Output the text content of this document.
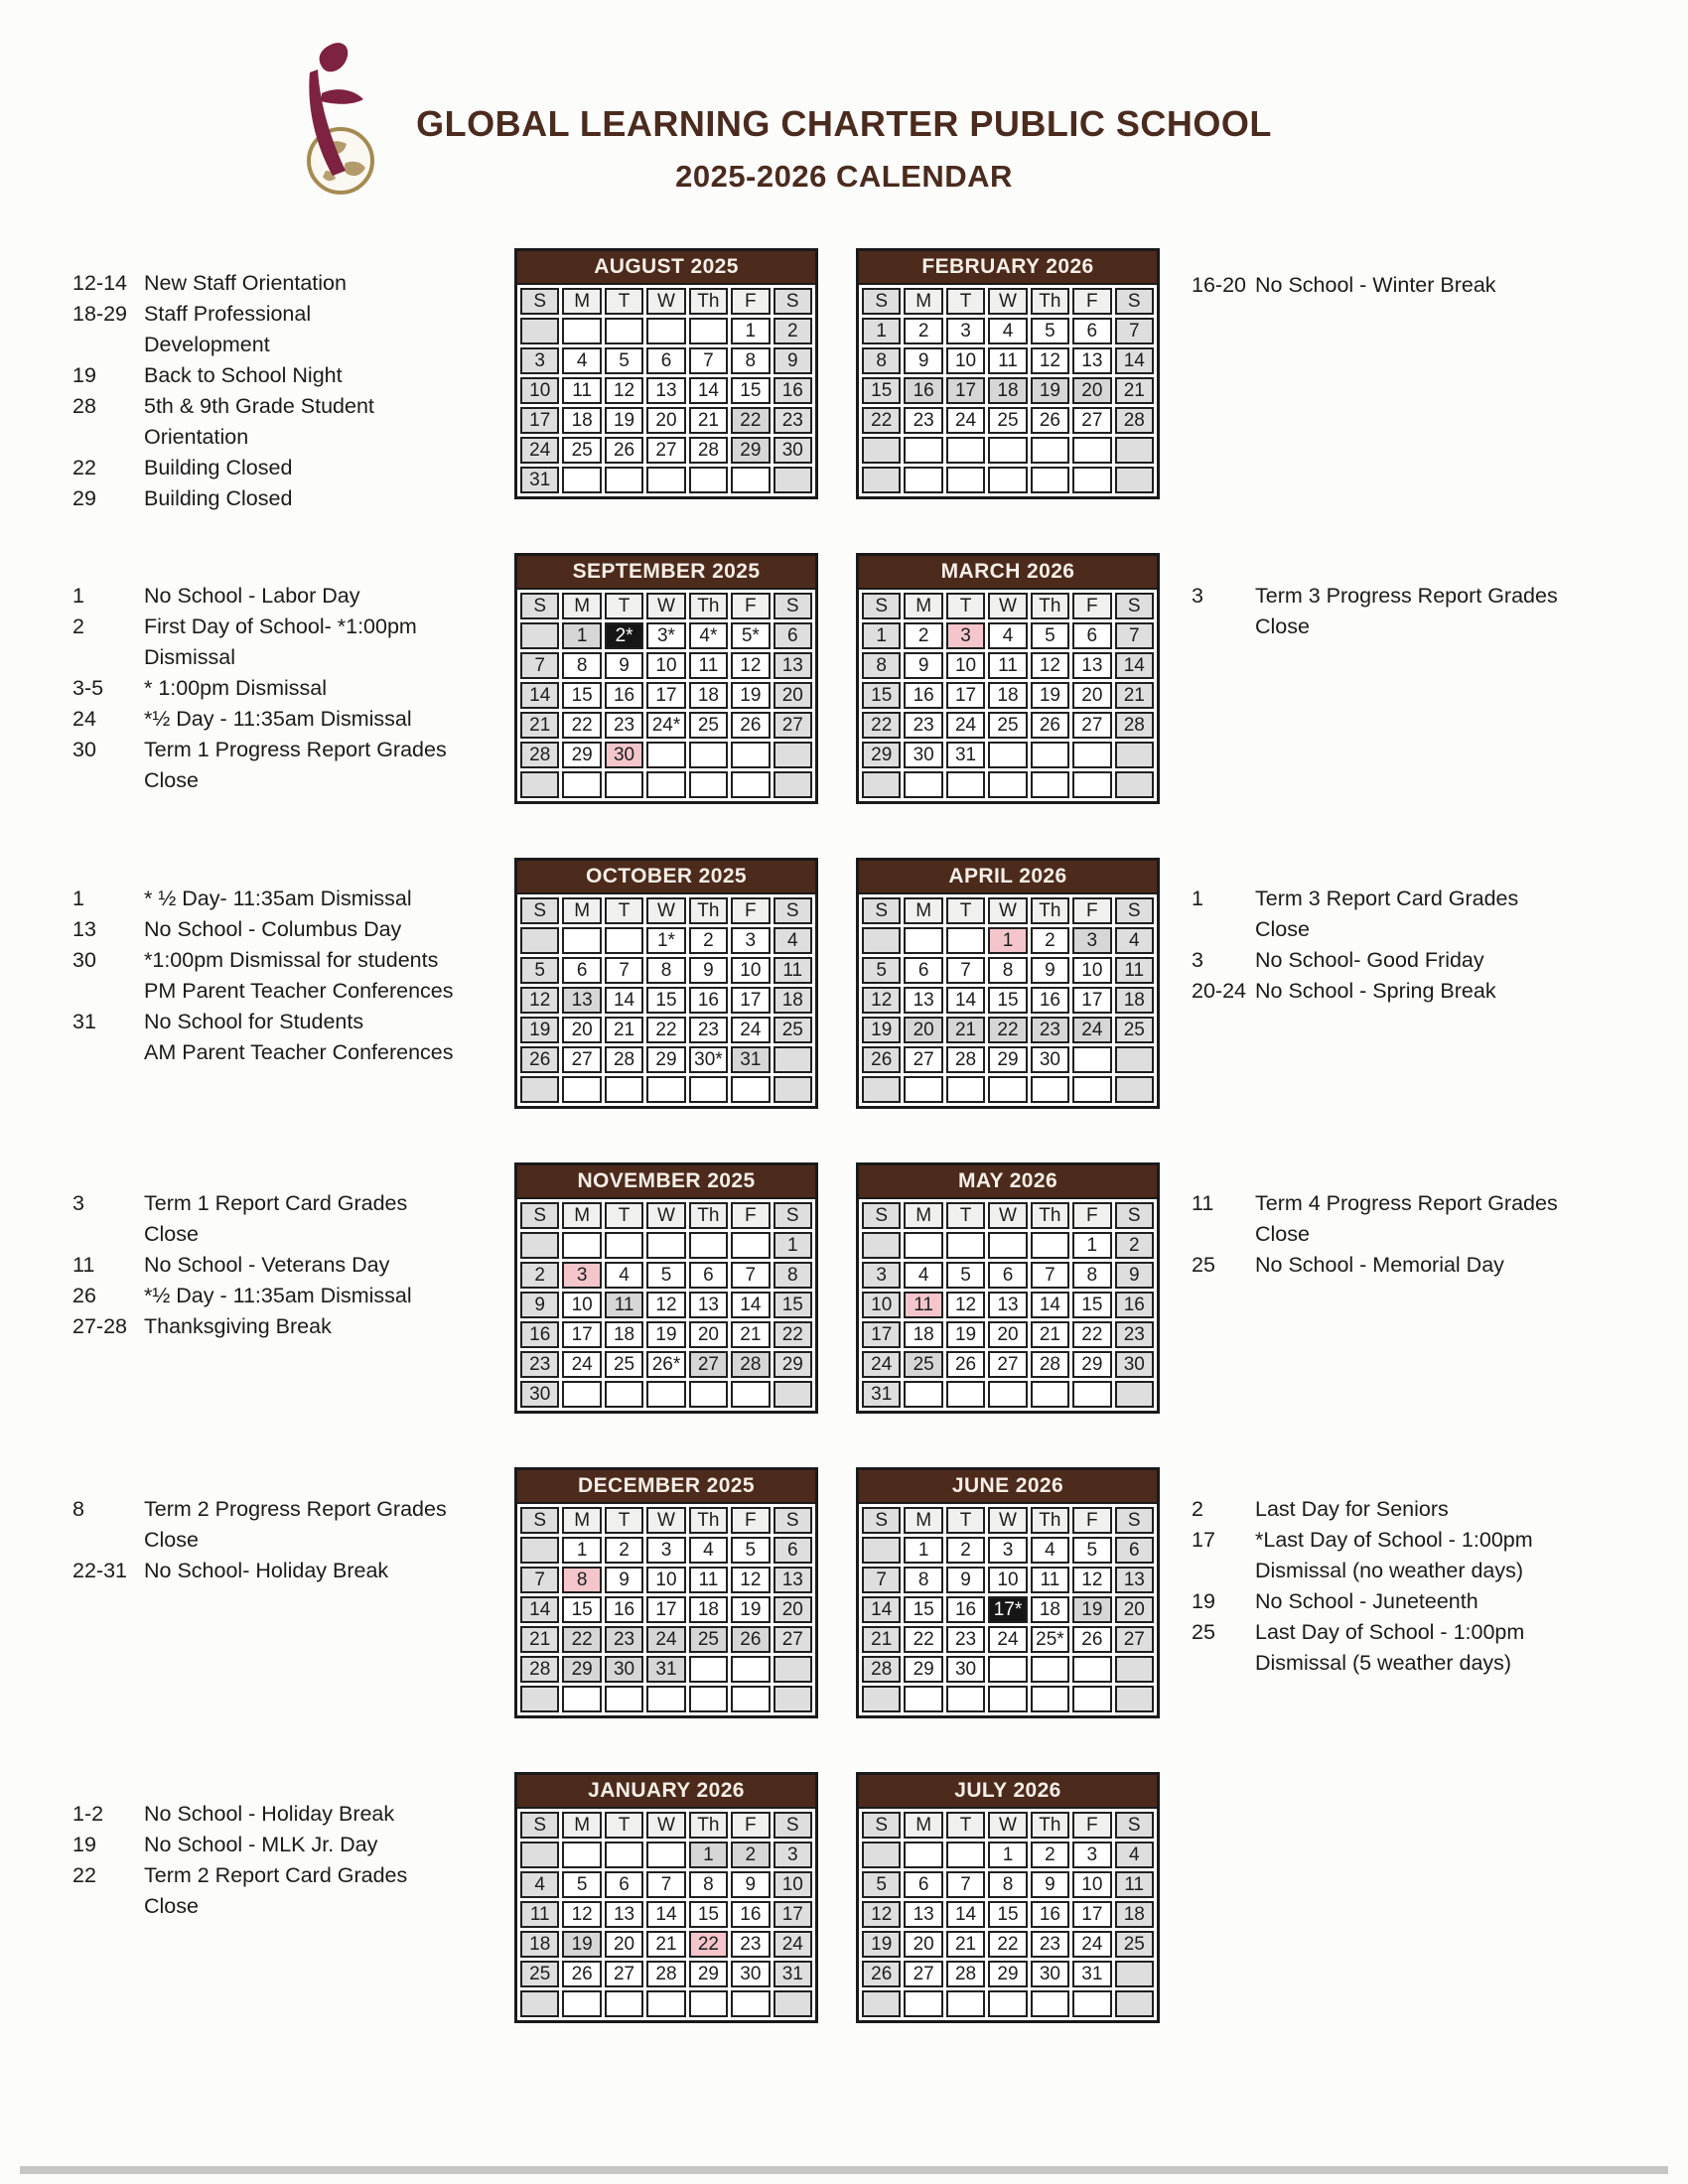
GLOBAL LEARNING CHARTER PUBLIC SCHOOL
2025-2026 CALENDAR
AUGUST 2025
S	M	T	W	Th	F	S
					1	2
3	4	5	6	7	8	9
10	11	12	13	14	15	16
17	18	19	20	21	22	23
24	25	26	27	28	29	30
31						
SEPTEMBER 2025
S	M	T	W	Th	F	S
	1	2*	3*	4*	5*	6
7	8	9	10	11	12	13
14	15	16	17	18	19	20
21	22	23	24*	25	26	27
28	29	30				

OCTOBER 2025
S	M	T	W	Th	F	S
			1*	2	3	4
5	6	7	8	9	10	11
12	13	14	15	16	17	18
19	20	21	22	23	24	25
26	27	28	29	30*	31	

NOVEMBER 2025
S	M	T	W	Th	F	S
						1
2	3	4	5	6	7	8
9	10	11	12	13	14	15
16	17	18	19	20	21	22
23	24	25	26*	27	28	29
30						
DECEMBER 2025
S	M	T	W	Th	F	S
	1	2	3	4	5	6
7	8	9	10	11	12	13
14	15	16	17	18	19	20
21	22	23	24	25	26	27
28	29	30	31			

JANUARY 2026
S	M	T	W	Th	F	S
				1	2	3
4	5	6	7	8	9	10
11	12	13	14	15	16	17
18	19	20	21	22	23	24
25	26	27	28	29	30	31

FEBRUARY 2026
S	M	T	W	Th	F	S
1	2	3	4	5	6	7
8	9	10	11	12	13	14
15	16	17	18	19	20	21
22	23	24	25	26	27	28

MARCH 2026
S	M	T	W	Th	F	S
1	2	3	4	5	6	7
8	9	10	11	12	13	14
15	16	17	18	19	20	21
22	23	24	25	26	27	28
29	30	31				

APRIL 2026
S	M	T	W	Th	F	S
			1	2	3	4
5	6	7	8	9	10	11
12	13	14	15	16	17	18
19	20	21	22	23	24	25
26	27	28	29	30		

MAY 2026
S	M	T	W	Th	F	S
					1	2
3	4	5	6	7	8	9
10	11	12	13	14	15	16
17	18	19	20	21	22	23
24	25	26	27	28	29	30
31						
JUNE 2026
S	M	T	W	Th	F	S
	1	2	3	4	5	6
7	8	9	10	11	12	13
14	15	16	17*	18	19	20
21	22	23	24	25*	26	27
28	29	30				

JULY 2026
S	M	T	W	Th	F	S
			1	2	3	4
5	6	7	8	9	10	11
12	13	14	15	16	17	18
19	20	21	22	23	24	25
26	27	28	29	30	31	

12-14 New Staff Orientation
18-29 Staff Professional
Development
19	Back to School Night
28	5th & 9th Grade Student
Orientation
22	Building Closed
29	Building Closed
1	No School - Labor Day
2	First Day of School- *1:00pm
Dismissal
3-5	* 1:00pm Dismissal
24	*½ Day - 11:35am Dismissal
30	Term 1 Progress Report Grades
Close
1	* ½ Day- 11:35am Dismissal
13	No School - Columbus Day
30	*1:00pm Dismissal for students
PM Parent Teacher Conferences
31	No School for Students
AM Parent Teacher Conferences
3	Term 1 Report Card Grades
Close
11	No School - Veterans Day
26	*½ Day - 11:35am Dismissal
27-28 Thanksgiving Break
8	Term 2 Progress Report Grades
Close
22-31 No School- Holiday Break
1-2	No School - Holiday Break
19	No School - MLK Jr. Day
22	Term 2 Report Card Grades
Close
16-20 No School - Winter Break
3	Term 3 Progress Report Grades
Close
1	Term 3 Report Card Grades
Close
3	No School- Good Friday
20-24 No School - Spring Break
11	Term 4 Progress Report Grades
Close
25	No School - Memorial Day
2	Last Day for Seniors
17	*Last Day of School - 1:00pm
Dismissal (no weather days)
19	No School - Juneteenth
25	Last Day of School - 1:00pm
Dismissal (5 weather days)
